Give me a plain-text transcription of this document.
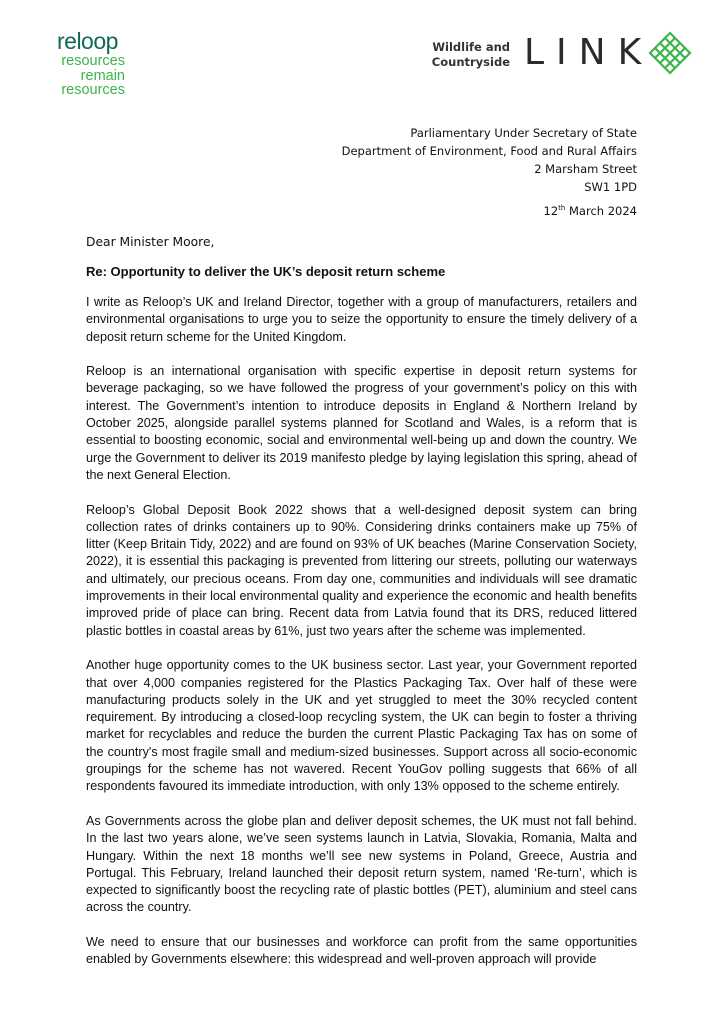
reloop
resources
remain
resources
Wildlife and
Countryside LINK
Parliamentary Under Secretary of State
Department of Environment, Food and Rural Affairs
2 Marsham Street
SW1 1PD
12th March 2024
Dear Minister Moore,
Re: Opportunity to deliver the UK’s deposit return scheme

I write as Reloop’s UK and Ireland Director, together with a group of manufacturers, retailers and environmental organisations to urge you to seize the opportunity to ensure the timely delivery of a deposit return scheme for the United Kingdom.

Reloop is an international organisation with specific expertise in deposit return systems for beverage packaging, so we have followed the progress of your government’s policy on this with interest. The Government’s intention to introduce deposits in England & Northern Ireland by October 2025, alongside parallel systems planned for Scotland and Wales, is a reform that is essential to boosting economic, social and environmental well-being up and down the country. We urge the Government to deliver its 2019 manifesto pledge by laying legislation this spring, ahead of the next General Election.

Reloop’s Global Deposit Book 2022 shows that a well-designed deposit system can bring collection rates of drinks containers up to 90%. Considering drinks containers make up 75% of litter (Keep Britain Tidy, 2022) and are found on 93% of UK beaches (Marine Conservation Society, 2022), it is essential this packaging is prevented from littering our streets, polluting our waterways and ultimately, our precious oceans. From day one, communities and individuals will see dramatic improvements in their local environmental quality and experience the economic and health benefits improved pride of place can bring. Recent data from Latvia found that its DRS, reduced littered plastic bottles in coastal areas by 61%, just two years after the scheme was implemented.

Another huge opportunity comes to the UK business sector. Last year, your Government reported that over 4,000 companies registered for the Plastics Packaging Tax. Over half of these were manufacturing products solely in the UK and yet struggled to meet the 30% recycled content requirement. By introducing a closed-loop recycling system, the UK can begin to foster a thriving market for recyclables and reduce the burden the current Plastic Packaging Tax has on some of the country's most fragile small and medium-sized businesses. Support across all socio-economic groupings for the scheme has not wavered. Recent YouGov polling suggests that 66% of all respondents favoured its immediate introduction, with only 13% opposed to the scheme entirely.

As Governments across the globe plan and deliver deposit schemes, the UK must not fall behind. In the last two years alone, we’ve seen systems launch in Latvia, Slovakia, Romania, Malta and Hungary. Within the next 18 months we’ll see new systems in Poland, Greece, Austria and Portugal. This February, Ireland launched their deposit return system, named ‘Re-turn’, which is expected to significantly boost the recycling rate of plastic bottles (PET), aluminium and steel cans across the country.

We need to ensure that our businesses and workforce can profit from the same opportunities enabled by Governments elsewhere: this widespread and well-proven approach will provide
